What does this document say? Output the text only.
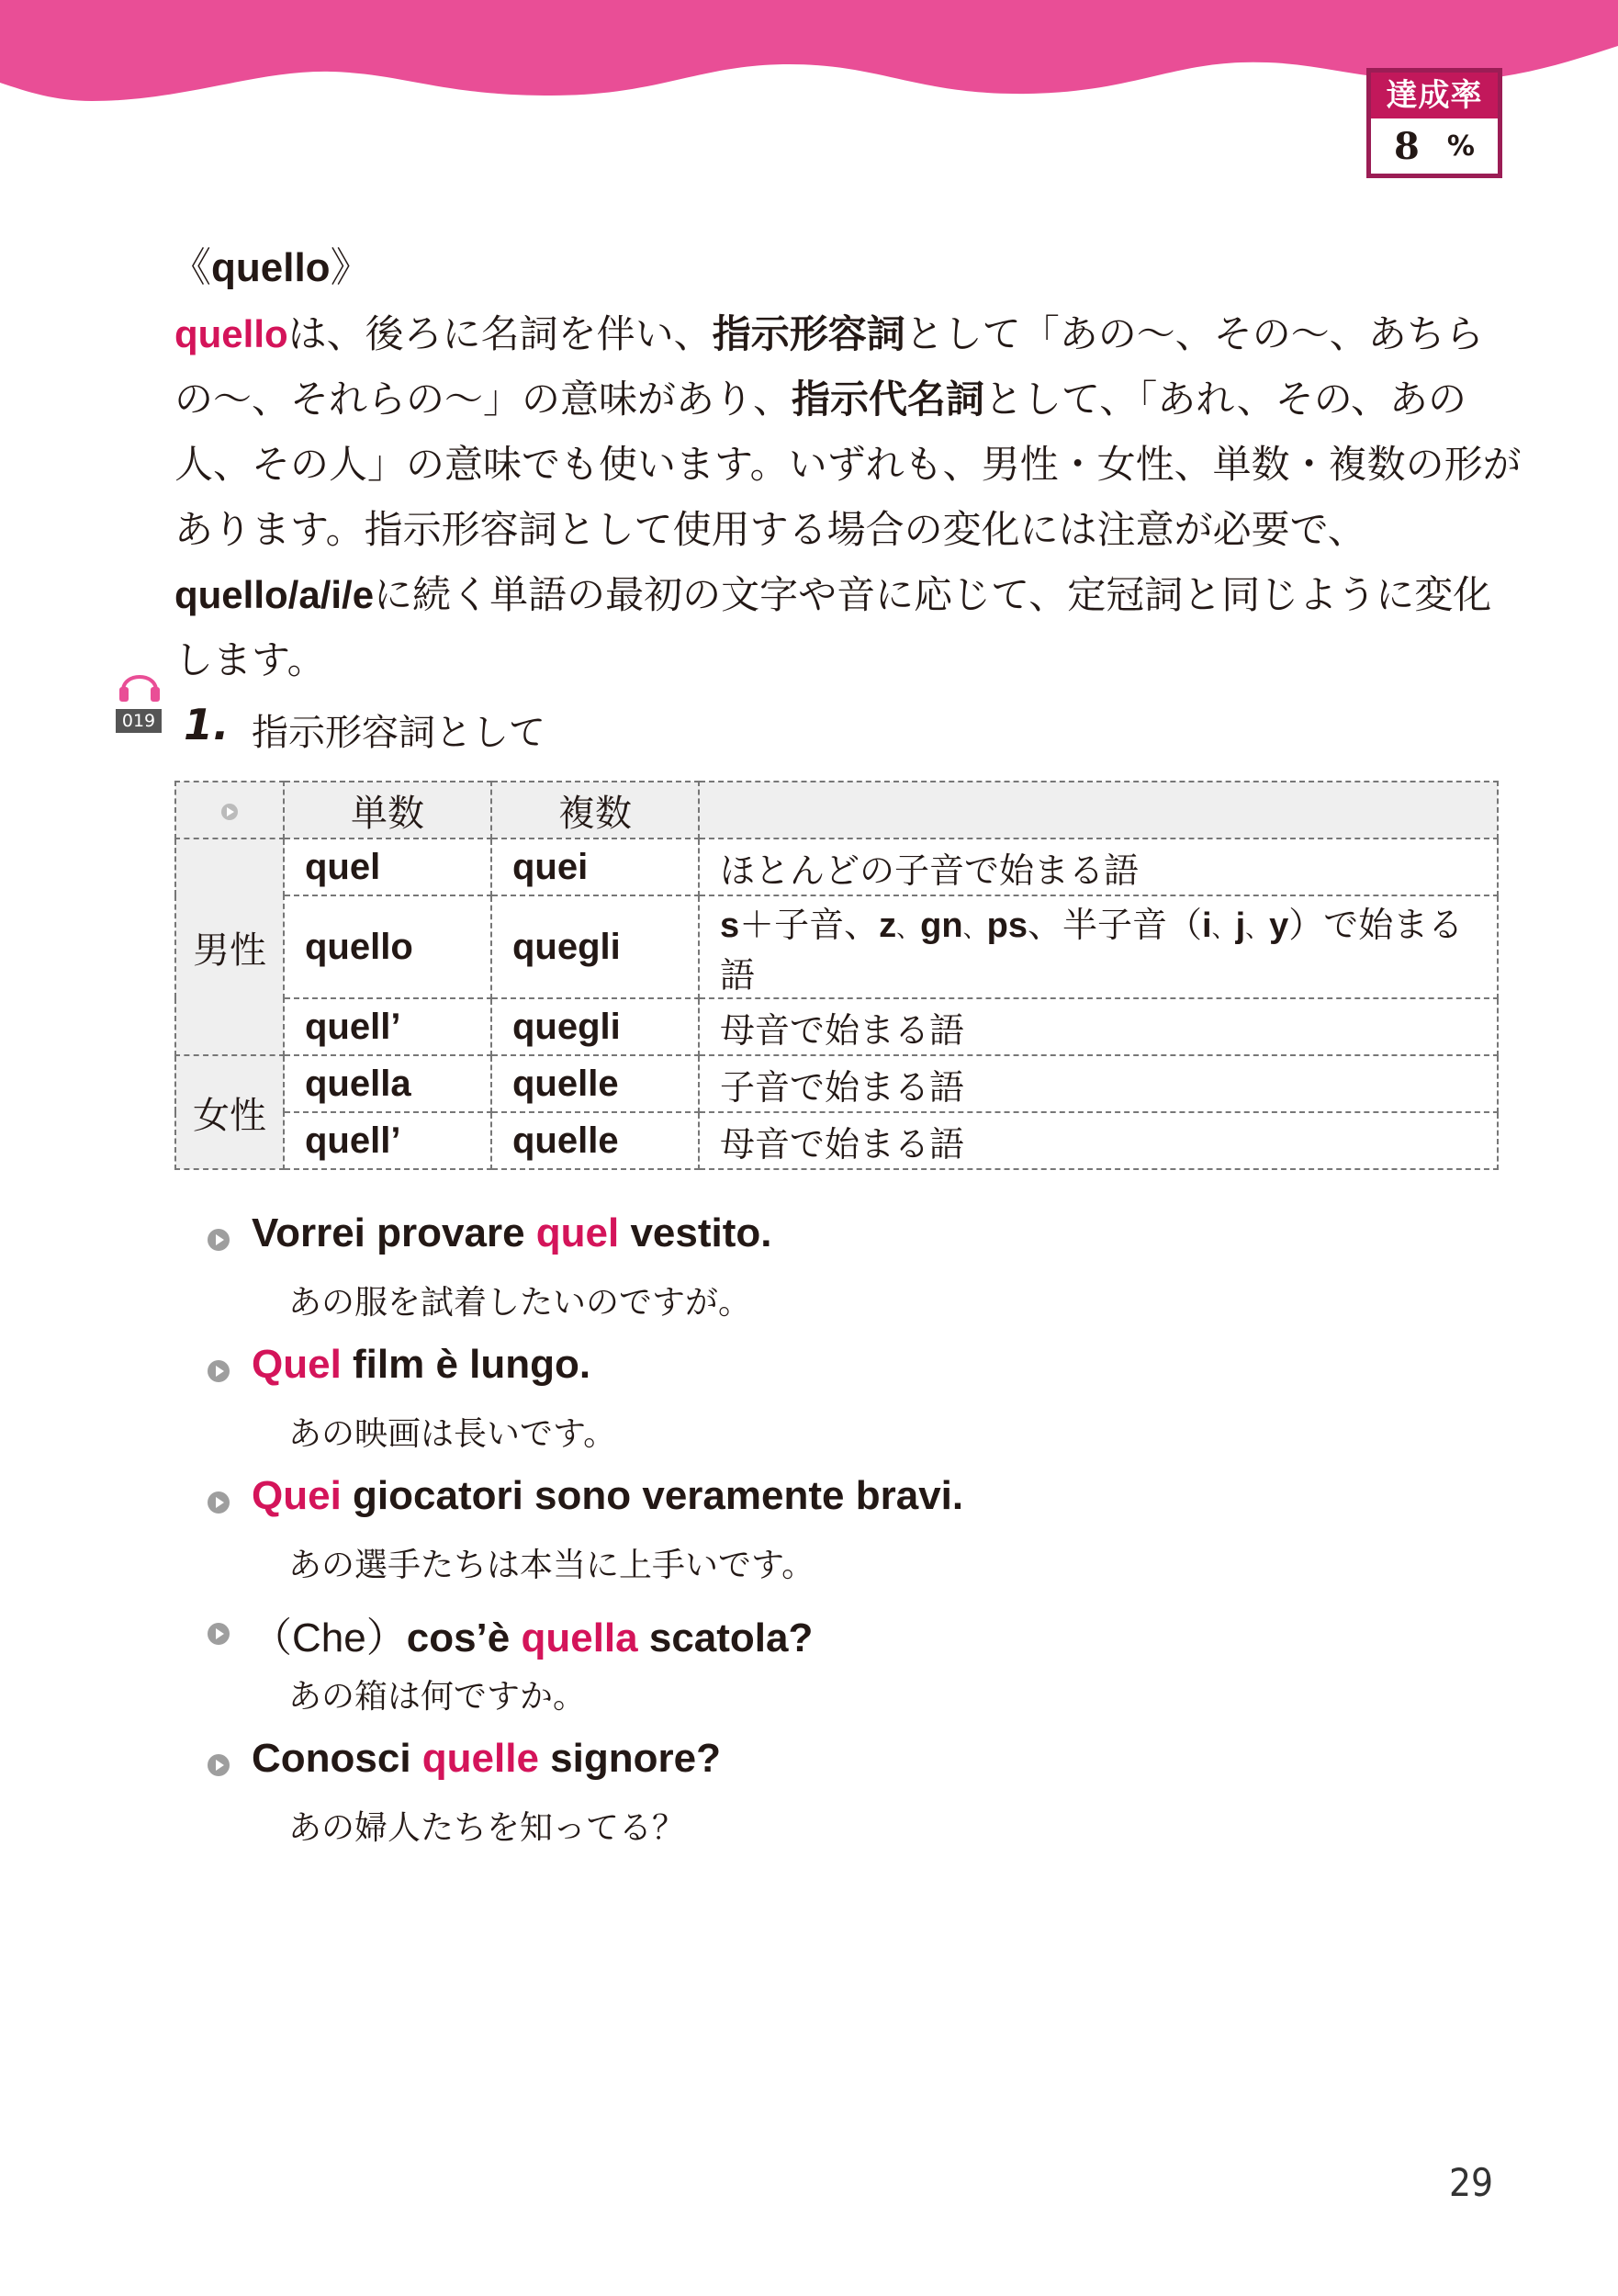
達成率
8 %
《quello》

quelloは、後ろに名詞を伴い、指示形容詞として「あの〜、その〜、あちらの〜、それらの〜」の意味があり、指示代名詞として、「あれ、その、あの人、その人」の意味でも使います。いずれも、男性・女性、単数・複数の形があります。指示形容詞として使用する場合の変化には注意が必要で、quello/a/i/eに続く単語の最初の文字や音に応じて、定冠詞と同じように変化します。

019 1. 指示形容詞として
	単数	複数	
男性	quel	quei	ほとんどの子音で始まる語
	quello	quegli	s＋子音、z、gn、ps、半子音（i、j、y）で始まる語
	quell’	quegli	母音で始まる語
女性	quella	quelle	子音で始まる語
	quell’	quelle	母音で始まる語
Vorrei provare quel vestito.
あの服を試着したいのですが。
Quel film è lungo.
あの映画は長いです。
Quei giocatori sono veramente bravi.
あの選手たちは本当に上手いです。
（Che）cos’è quella scatola?
あの箱は何ですか。
Conosci quelle signore?
あの婦人たちを知ってる？
29
